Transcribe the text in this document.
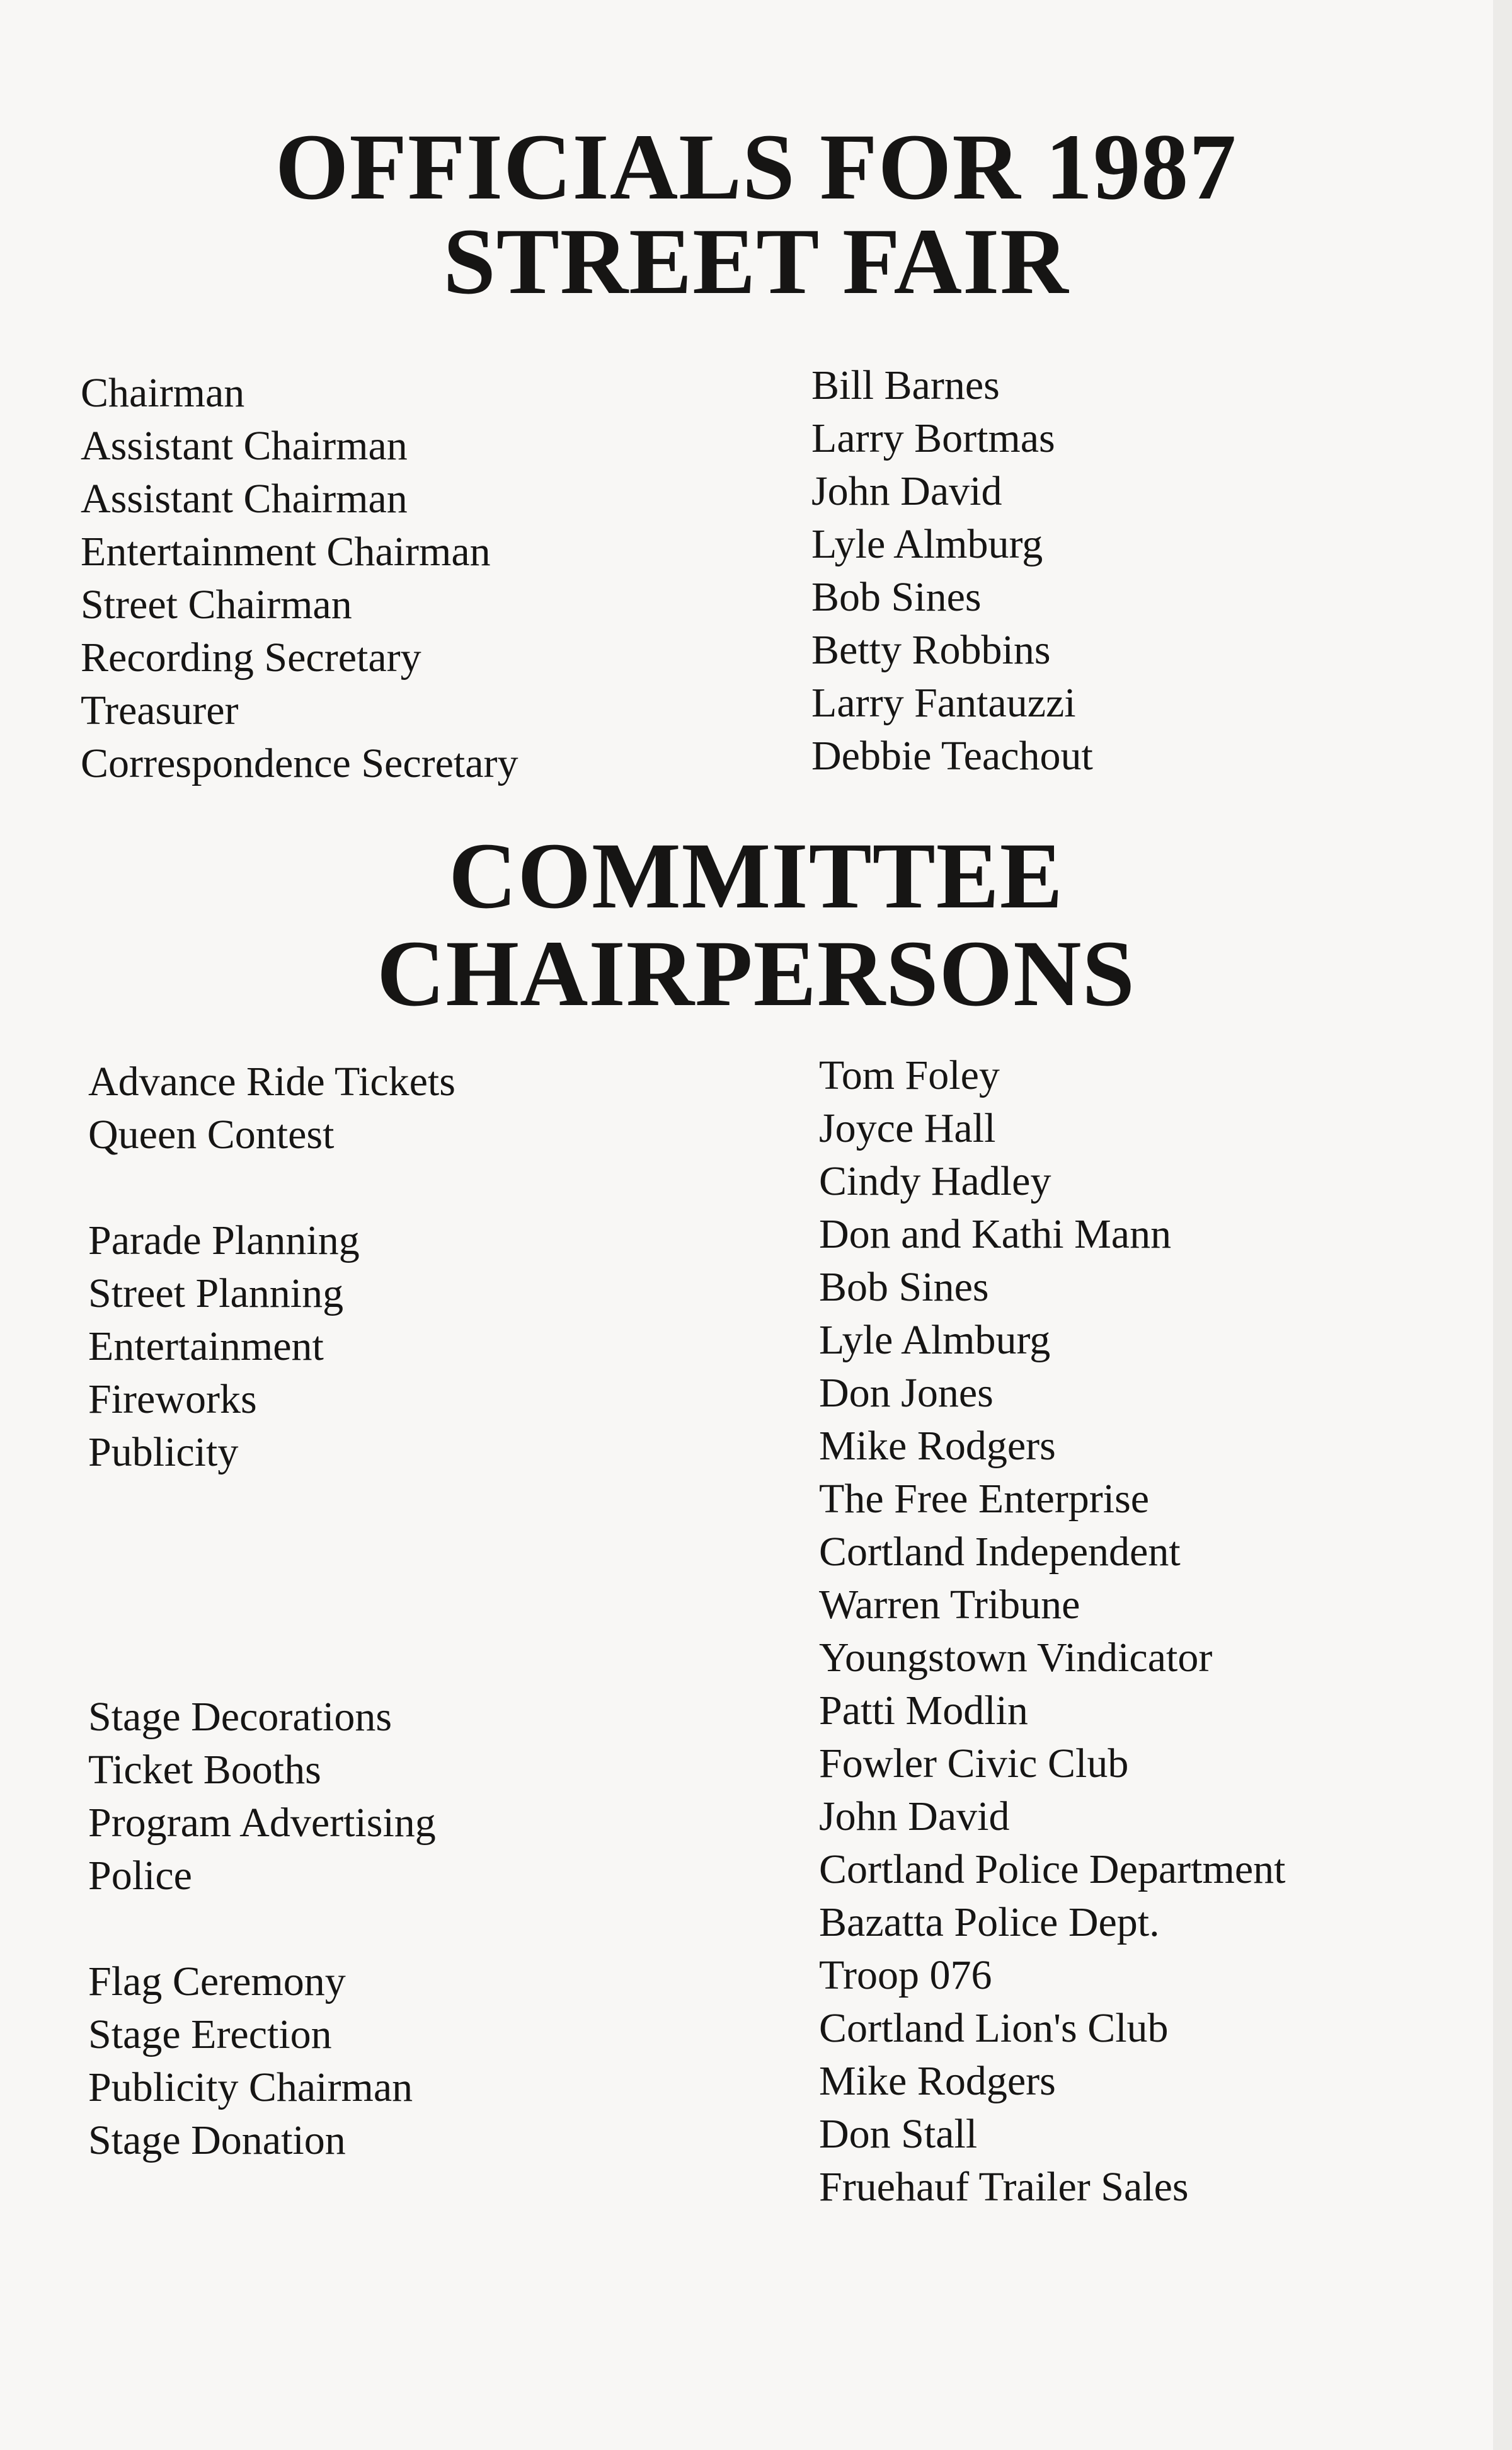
OFFICIALS FOR 1987
STREET FAIR
Chairman
Assistant Chairman
Assistant Chairman
Entertainment Chairman
Street Chairman
Recording Secretary
Treasurer
Correspondence Secretary
Bill Barnes
Larry Bortmas
John David
Lyle Almburg
Bob Sines
Betty Robbins
Larry Fantauzzi
Debbie Teachout
COMMITTEE
CHAIRPERSONS
Advance Ride Tickets
Queen Contest
Parade Planning
Street Planning
Entertainment
Fireworks
Publicity
Stage Decorations
Ticket Booths
Program Advertising
Police
Flag Ceremony
Stage Erection
Publicity Chairman
Stage Donation
Tom Foley
Joyce Hall
Cindy Hadley
Don and Kathi Mann
Bob Sines
Lyle Almburg
Don Jones
Mike Rodgers
The Free Enterprise
Cortland Independent
Warren Tribune
Youngstown Vindicator
Patti Modlin
Fowler Civic Club
John David
Cortland Police Department
Bazatta Police Dept.
Troop 076
Cortland Lion's Club
Mike Rodgers
Don Stall
Fruehauf Trailer Sales
